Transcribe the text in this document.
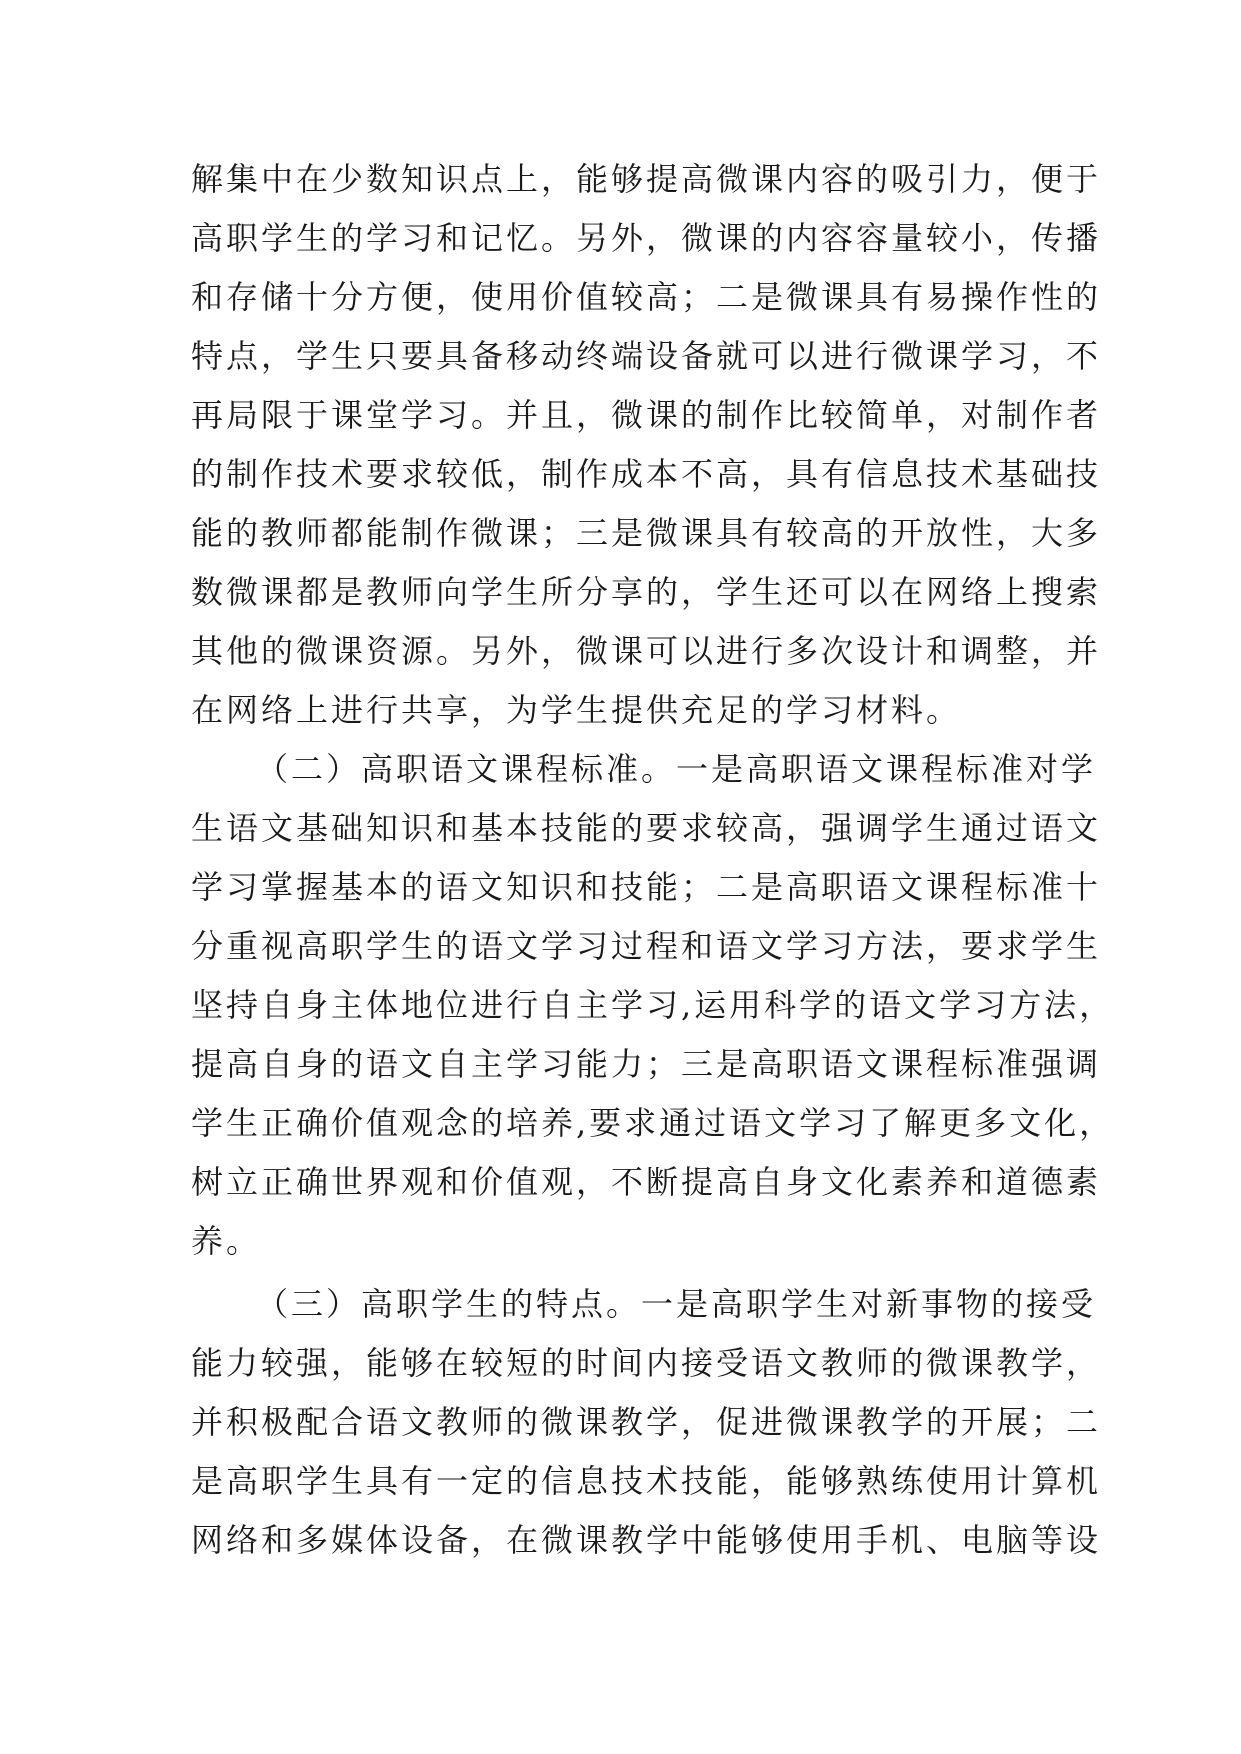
解集中在少数知识点上，能够提高微课内容的吸引力，便于
高职学生的学习和记忆。另外，微课的内容容量较小，传播
和存储十分方便，使用价值较高；二是微课具有易操作性的
特点，学生只要具备移动终端设备就可以进行微课学习，不
再局限于课堂学习。并且，微课的制作比较简单，对制作者
的制作技术要求较低，制作成本不高，具有信息技术基础技
能的教师都能制作微课；三是微课具有较高的开放性，大多
数微课都是教师向学生所分享的，学生还可以在网络上搜索
其他的微课资源。另外，微课可以进行多次设计和调整，并
在网络上进行共享，为学生提供充足的学习材料。
（二）高职语文课程标准。一是高职语文课程标准对学
生语文基础知识和基本技能的要求较高，强调学生通过语文
学习掌握基本的语文知识和技能；二是高职语文课程标准十
分重视高职学生的语文学习过程和语文学习方法，要求学生
坚持自身主体地位进行自主学习,运用科学的语文学习方法，
提高自身的语文自主学习能力；三是高职语文课程标准强调
学生正确价值观念的培养,要求通过语文学习了解更多文化，
树立正确世界观和价值观，不断提高自身文化素养和道德素
养。
（三）高职学生的特点。一是高职学生对新事物的接受
能力较强，能够在较短的时间内接受语文教师的微课教学，
并积极配合语文教师的微课教学，促进微课教学的开展；二
是高职学生具有一定的信息技术技能，能够熟练使用计算机
网络和多媒体设备，在微课教学中能够使用手机、电脑等设
